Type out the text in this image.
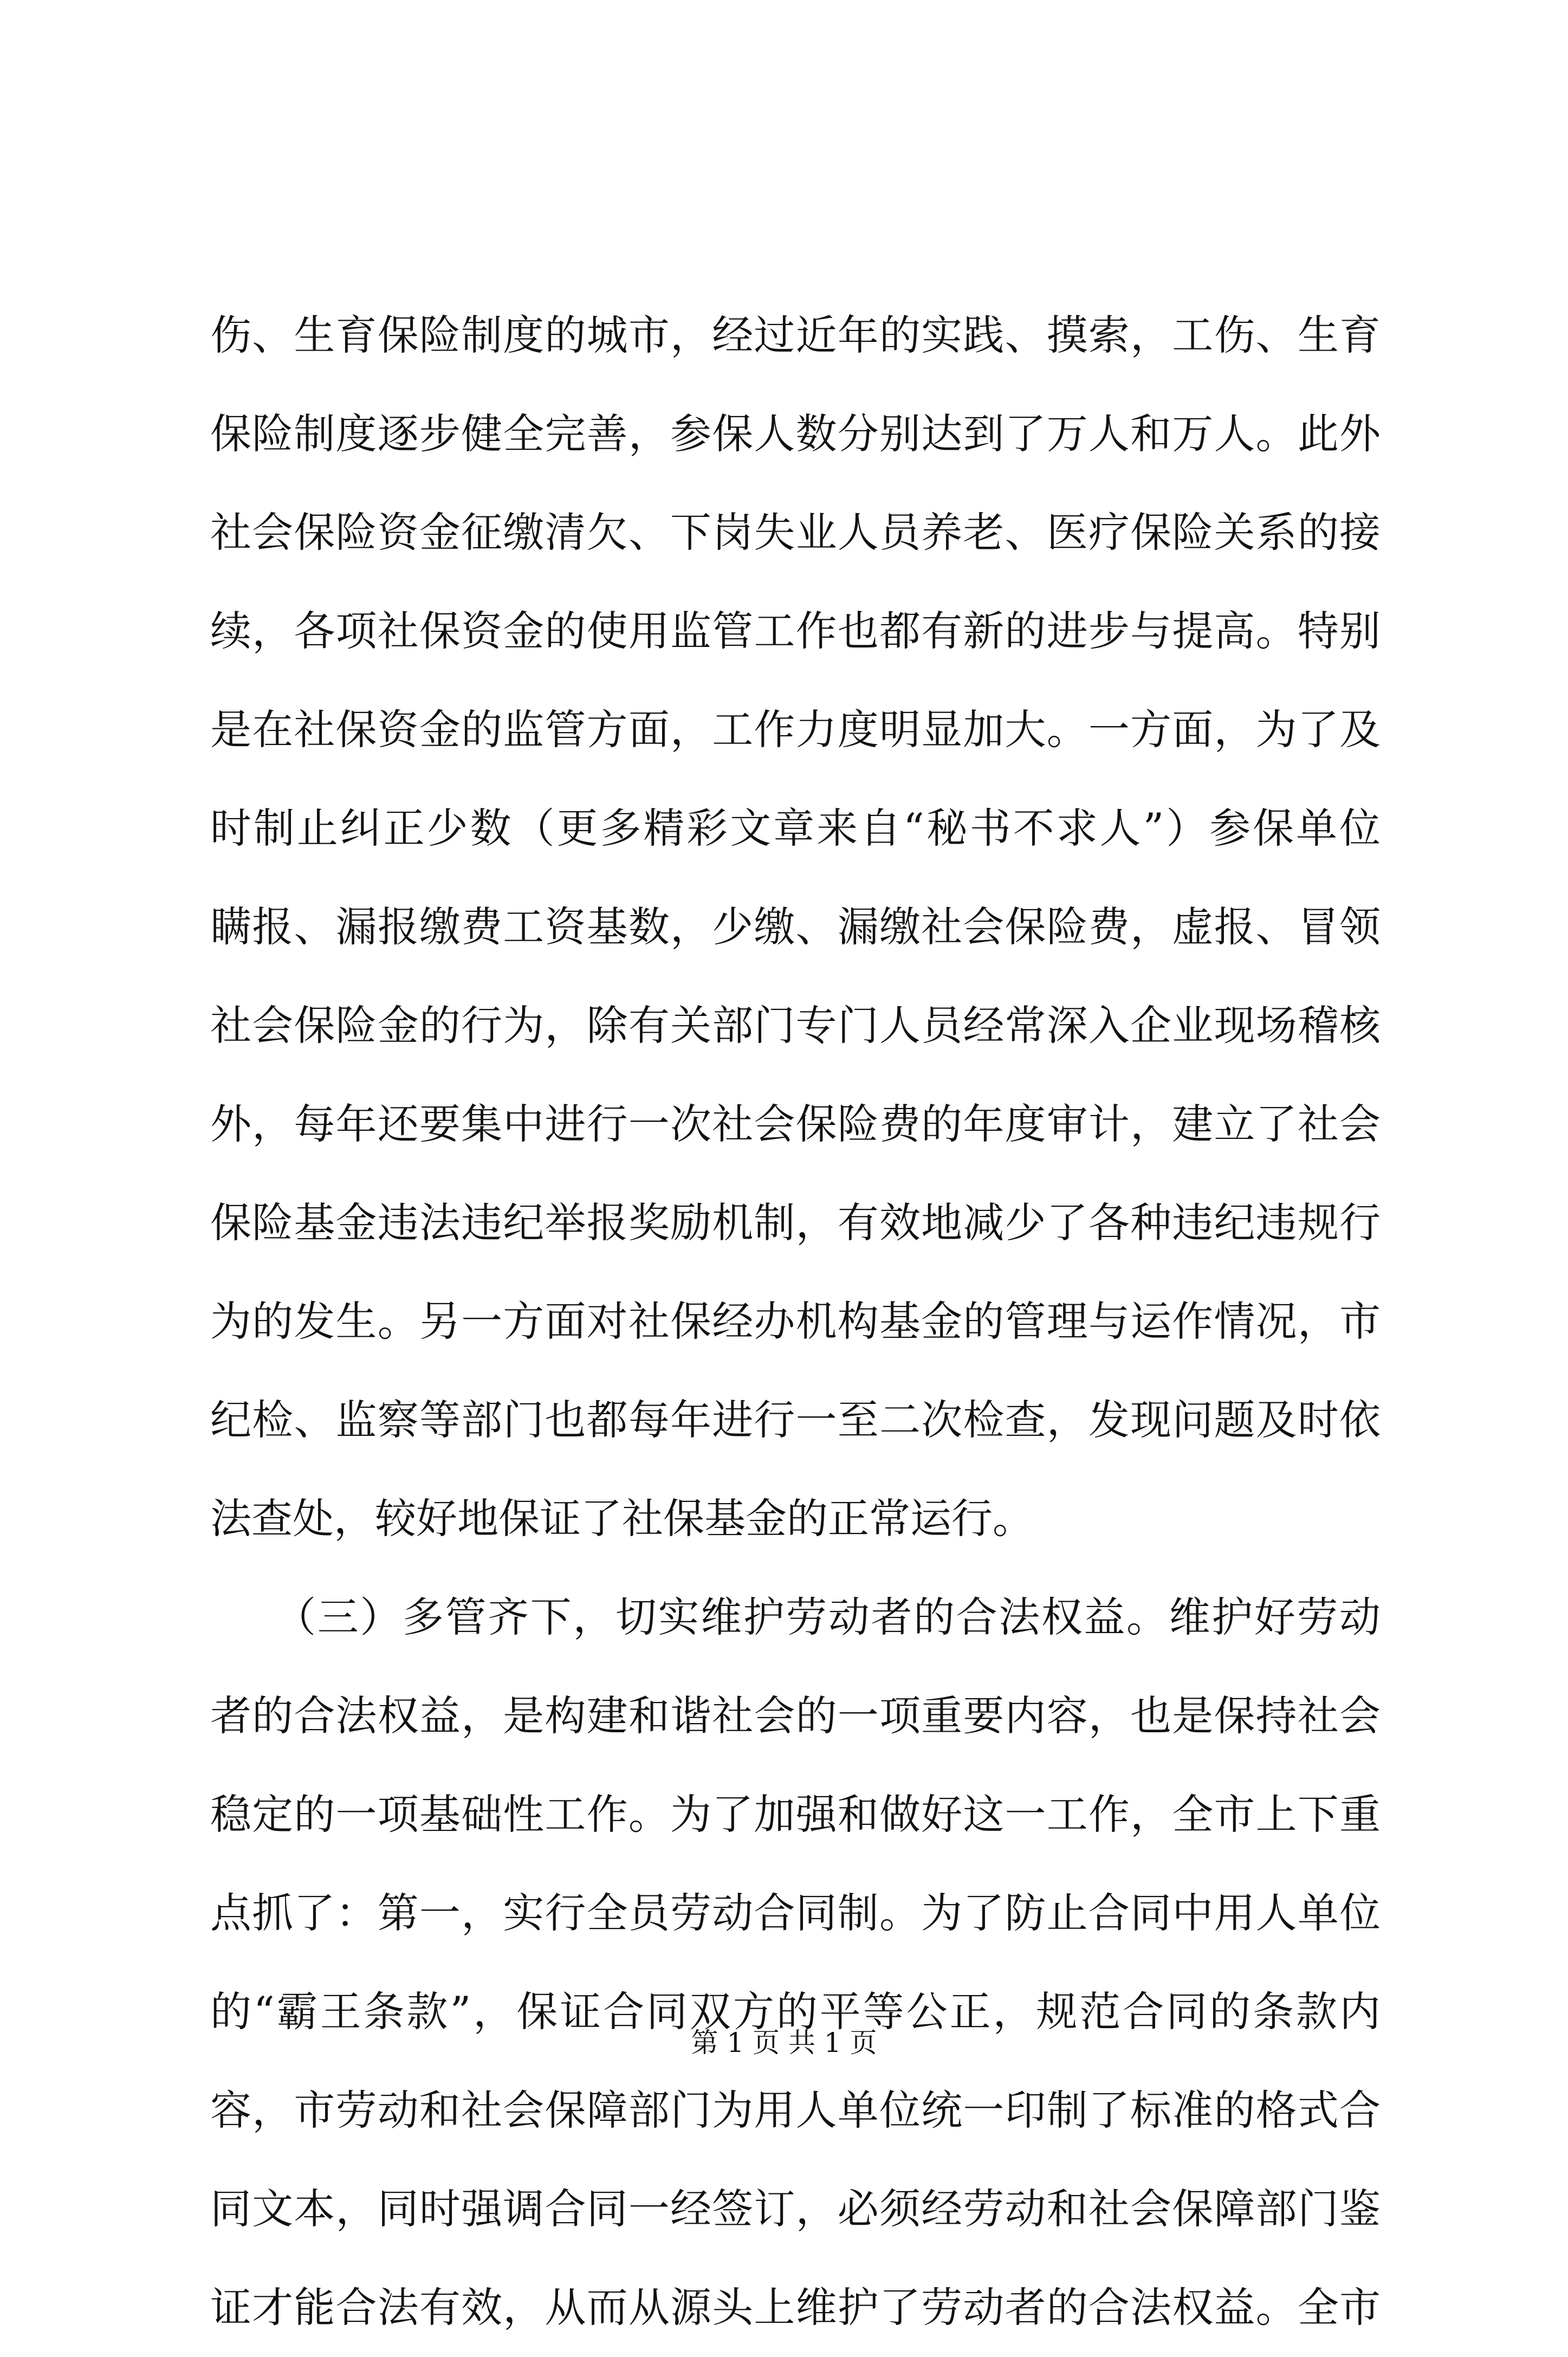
伤、生育保险制度的城市，经过近年的实践、摸索，工伤、生育
保险制度逐步健全完善，参保人数分别达到了万人和万人。此外
社会保险资金征缴清欠、下岗失业人员养老、医疗保险关系的接
续，各项社保资金的使用监管工作也都有新的进步与提高。特别
是在社保资金的监管方面，工作力度明显加大。一方面，为了及
时制止纠正少数（更多精彩文章来自“秘书不求人”）参保单位
瞒报、漏报缴费工资基数，少缴、漏缴社会保险费，虚报、冒领
社会保险金的行为，除有关部门专门人员经常深入企业现场稽核
外，每年还要集中进行一次社会保险费的年度审计，建立了社会
保险基金违法违纪举报奖励机制，有效地减少了各种违纪违规行
为的发生。另一方面对社保经办机构基金的管理与运作情况，市
纪检、监察等部门也都每年进行一至二次检查，发现问题及时依
法查处，较好地保证了社保基金的正常运行。
　　（三）多管齐下，切实维护劳动者的合法权益。维护好劳动
者的合法权益，是构建和谐社会的一项重要内容，也是保持社会
稳定的一项基础性工作。为了加强和做好这一工作，全市上下重
点抓了：第一，实行全员劳动合同制。为了防止合同中用人单位
的“霸王条款”，保证合同双方的平等公正，规范合同的条款内
容，市劳动和社会保障部门为用人单位统一印制了标准的格式合
同文本，同时强调合同一经签订，必须经劳动和社会保障部门鉴
证才能合法有效，从而从源头上维护了劳动者的合法权益。全市
第 1 页 共 1 页
